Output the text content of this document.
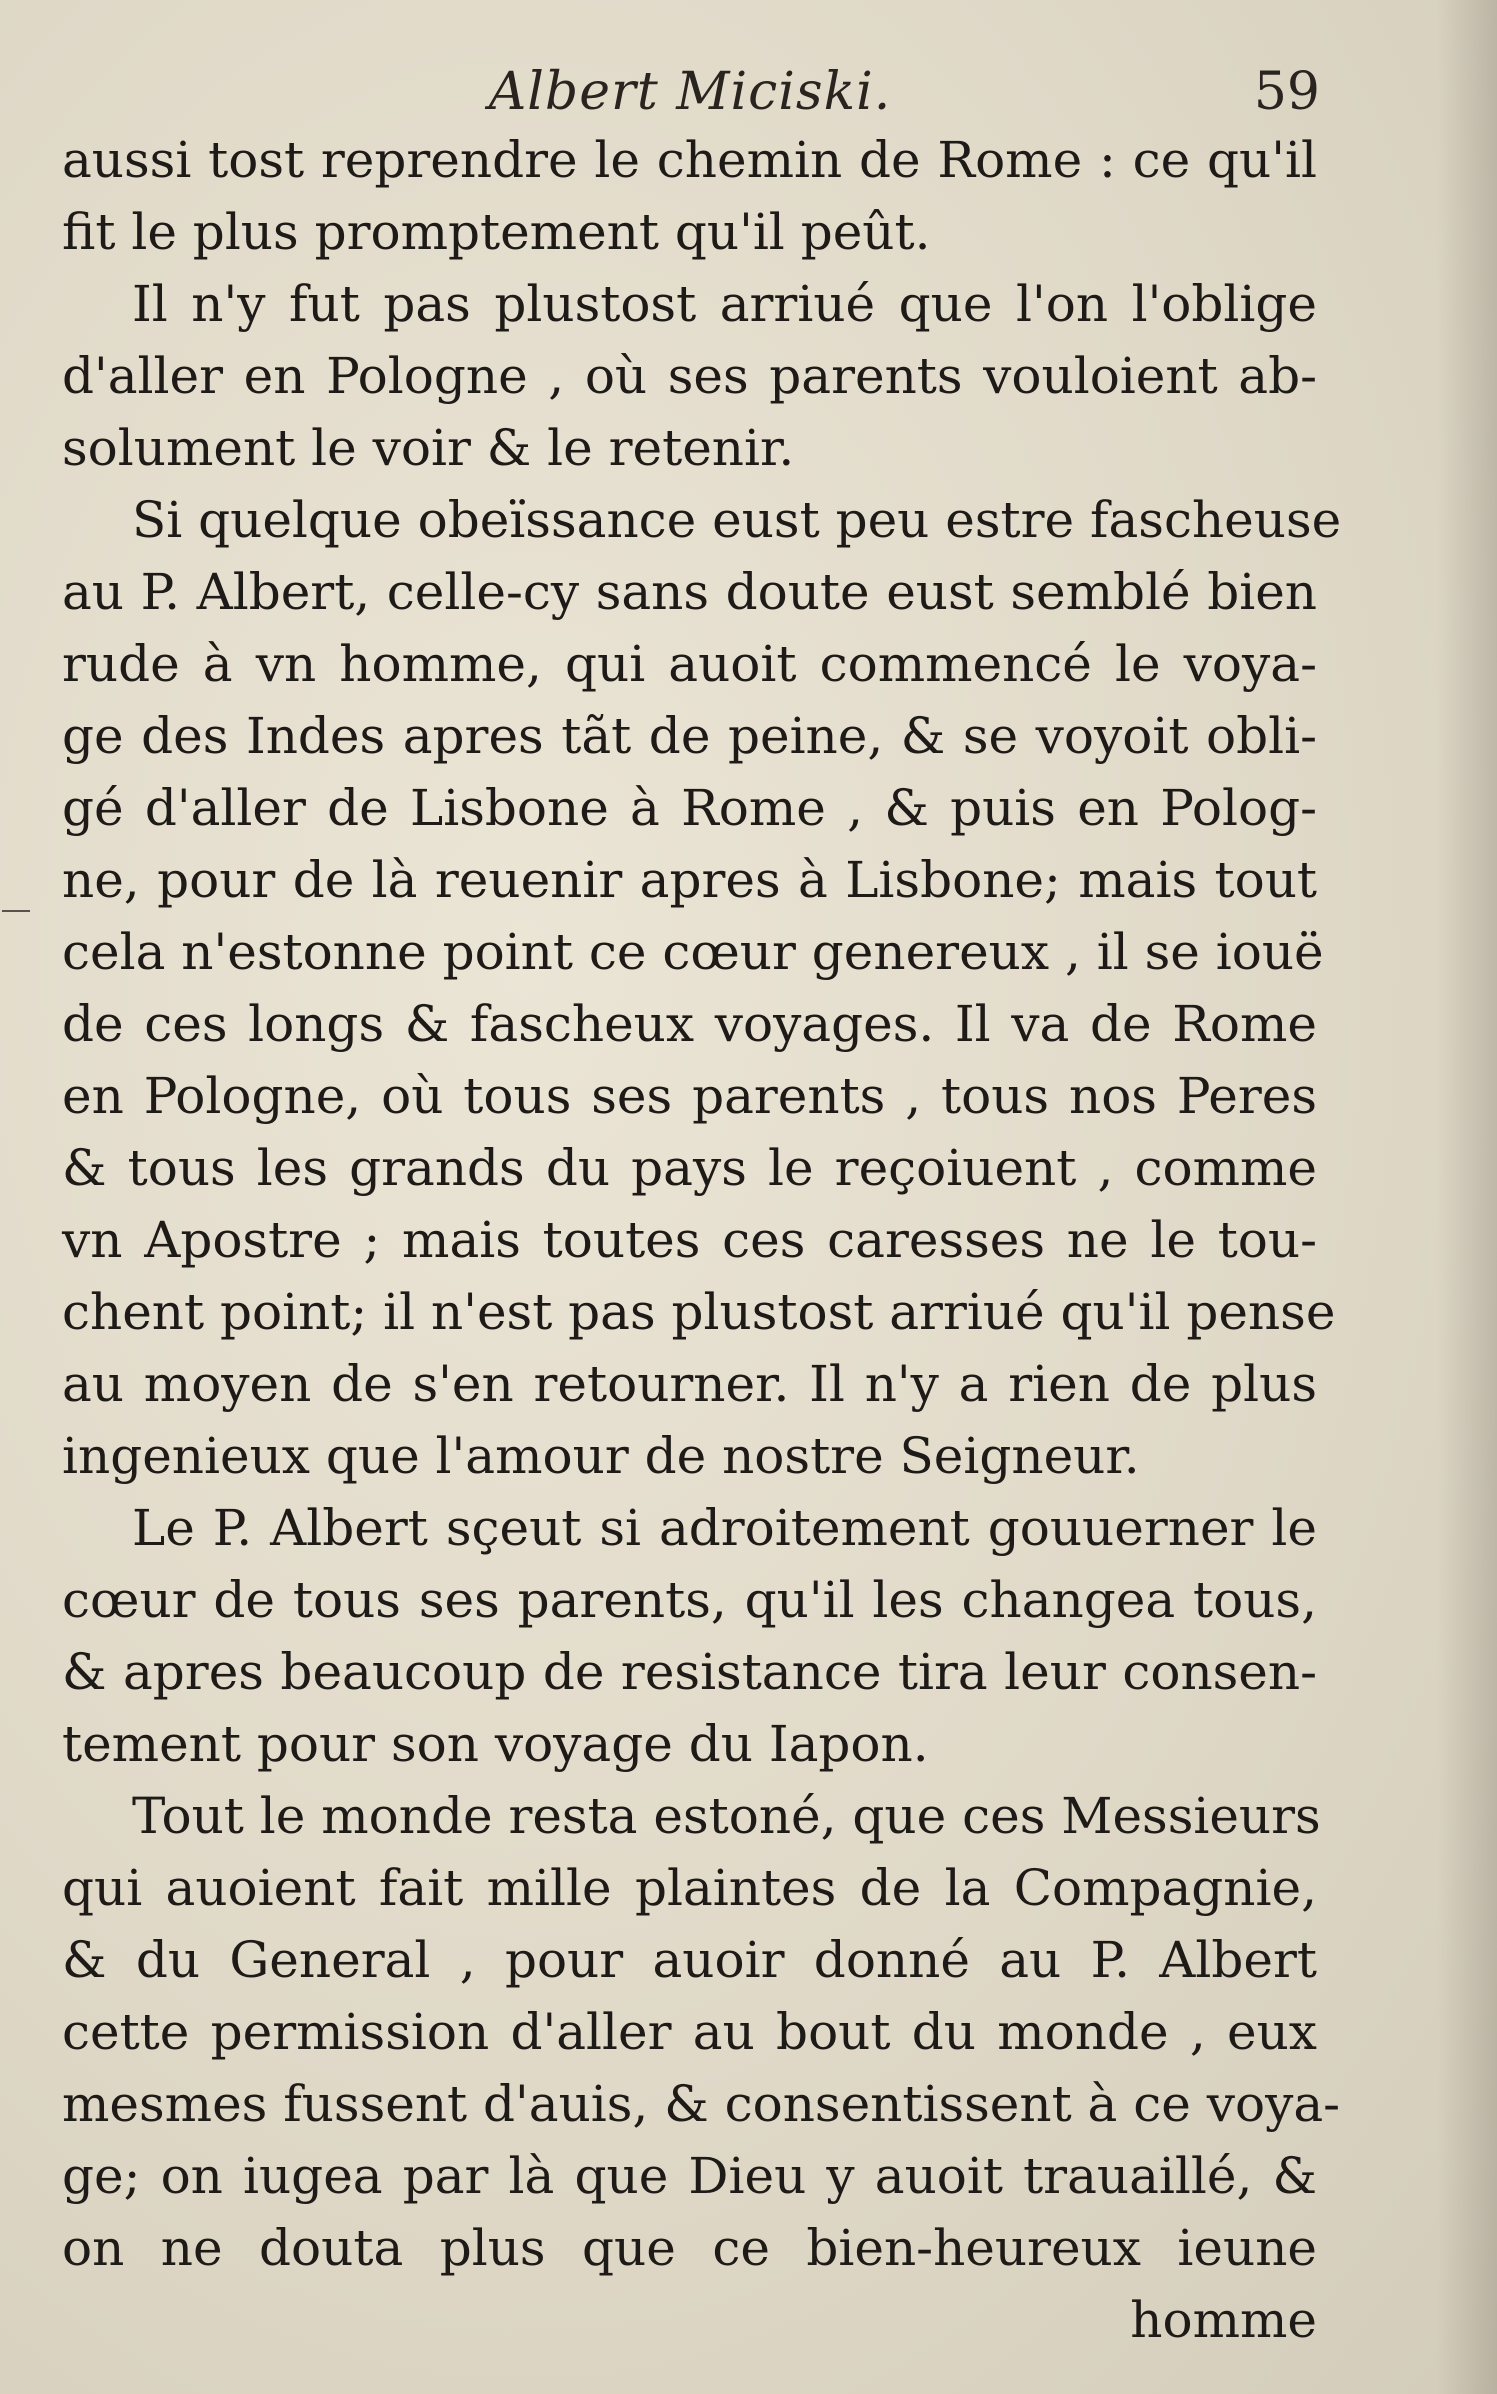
Albert Miciski.	59
aussi tost reprendre le chemin de Rome : ce qu'il
fit le plus promptement qu'il peût.
Il n'y fut pas plustost arriué que l'on l'oblige
d'aller en Pologne , où ses parents vouloient ab-
solument le voir & le retenir.
Si quelque obeïssance eust peu estre fascheuse
au P. Albert, celle-cy sans doute eust semblé bien
rude à vn homme, qui auoit commencé le voya-
ge des Indes apres tãt de peine, & se voyoit obli-
gé d'aller de Lisbone à Rome , & puis en Polog-
ne, pour de là reuenir apres à Lisbone; mais tout
cela n'estonne point ce cœur genereux , il se iouë
de ces longs & fascheux voyages. Il va de Rome
en Pologne, où tous ses parents , tous nos Peres
& tous les grands du pays le reçoiuent , comme
vn Apostre ; mais toutes ces caresses ne le tou-
chent point; il n'est pas plustost arriué qu'il pense
au moyen de s'en retourner. Il n'y a rien de plus
ingenieux que l'amour de nostre Seigneur.
Le P. Albert sçeut si adroitement gouuerner le
cœur de tous ses parents, qu'il les changea tous,
& apres beaucoup de resistance tira leur consen-
tement pour son voyage du Iapon.
Tout le monde resta estoné, que ces Messieurs
qui auoient fait mille plaintes de la Compagnie,
& du General , pour auoir donné au P. Albert
cette permission d'aller au bout du monde , eux
mesmes fussent d'auis, & consentissent à ce voya-
ge; on iugea par là que Dieu y auoit trauaillé, &
on ne douta plus que ce bien-heureux ieune
homme
